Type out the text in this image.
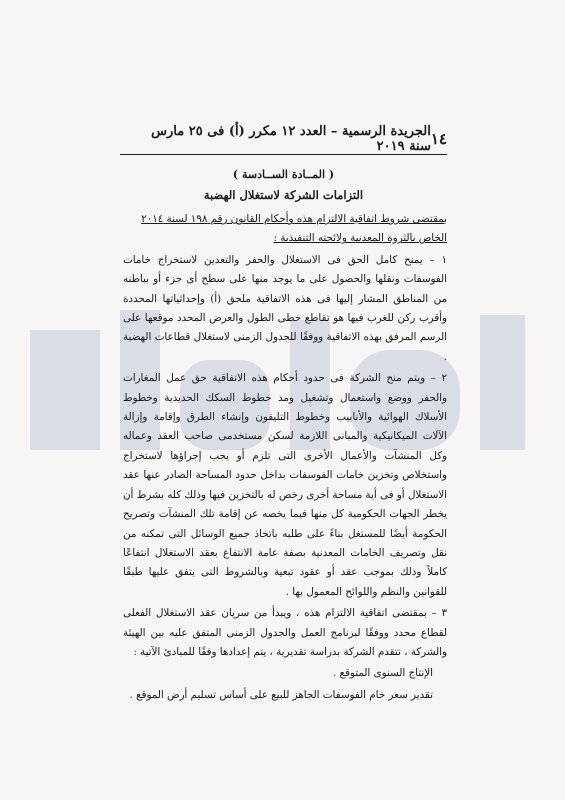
١٤
الجريدة الرسمية – العدد ١٢ مكرر (أ) فى ٢٥ مارس سنة ٢٠١٩
( المــادة الســادسة )
التزامات الشركة لاستغلال الهضبة

بمقتضى شروط اتفاقية الالتزام هذه وأحكام القانون رقم ١٩٨ لسنة ٢٠١٤
الخاص بالثروة المعدنية ولائحته التنفيذية :

١ – يمنح كامل الحق فى الاستغلال والحفر والتعدين لاستخراج خامات الفوسفات ونقلها والحصول على ما يوجد منها على سطح أى جزء أو بباطنه من المناطق المشار إليها فى هذه الاتفاقية ملحق (أ) وإحداثياتها المحددة وأقرب ركن للغرب فيها هو تقاطع خطى الطول والعرض المحدد موقعها على الرسم المرفق بهذه الاتفاقية ووفقًا للجدول الزمنى لاستغلال قطاعات الهضبة .

٢ – ويتم منح الشركة فى حدود أحكام هذه الاتفاقية حق عمل المغارات والحفر ووضع واستعمال وتشغيل ومد خطوط السكك الحديدية وخطوط الأسلاك الهوائية والأنابيب وخطوط التليفون وإنشاء الطرق وإقامة وإزالة الآلات الميكانيكية والمبانى اللازمة لسكن مستخدمى صاحب العقد وعماله وكل المنشآت والأعمال الأخرى التى تلزم أو يجب إجراؤها لاستخراج واستخلاص وتخزين خامات الفوسفات بداخل حدود المساحة الصادر عنها عقد الاستغلال أو فى أية مساحة أخرى رخص له بالتخزين فيها وذلك كله بشرط أن يخطر الجهات الحكومية كل منها فيما يخصه عن إقامة تلك المنشآت وتصريح الحكومة أيضًا للمستغل بناءً على طلبه باتخاذ جميع الوسائل التى تمكنه من نقل وتصريف الخامات المعدنية بصفة عامة الانتفاع بعقد الاستغلال انتفاعًا كاملاً وذلك بموجب عقد أو عقود تبعية وبالشروط التى يتفق عليها طبقًا للقوانين والنظم واللوائح المعمول بها .

٣ – بمقتضى اتفاقية الالتزام هذه ، ويبدأ من سريان عقد الاستغلال الفعلى لقطاع محدد ووفقًا لبرنامج العمل والجدول الزمنى المتفق عليه بين الهيئة والشركة ، تتقدم الشركة بدراسة تقديرية ، يتم إعدادها وفقًا للمبادئ الآتية :

الإنتاج السنوى المتوقع .

تقدير سعر خام الفوسفات الجاهز للبيع على أساس تسليم أرض الموقع .
